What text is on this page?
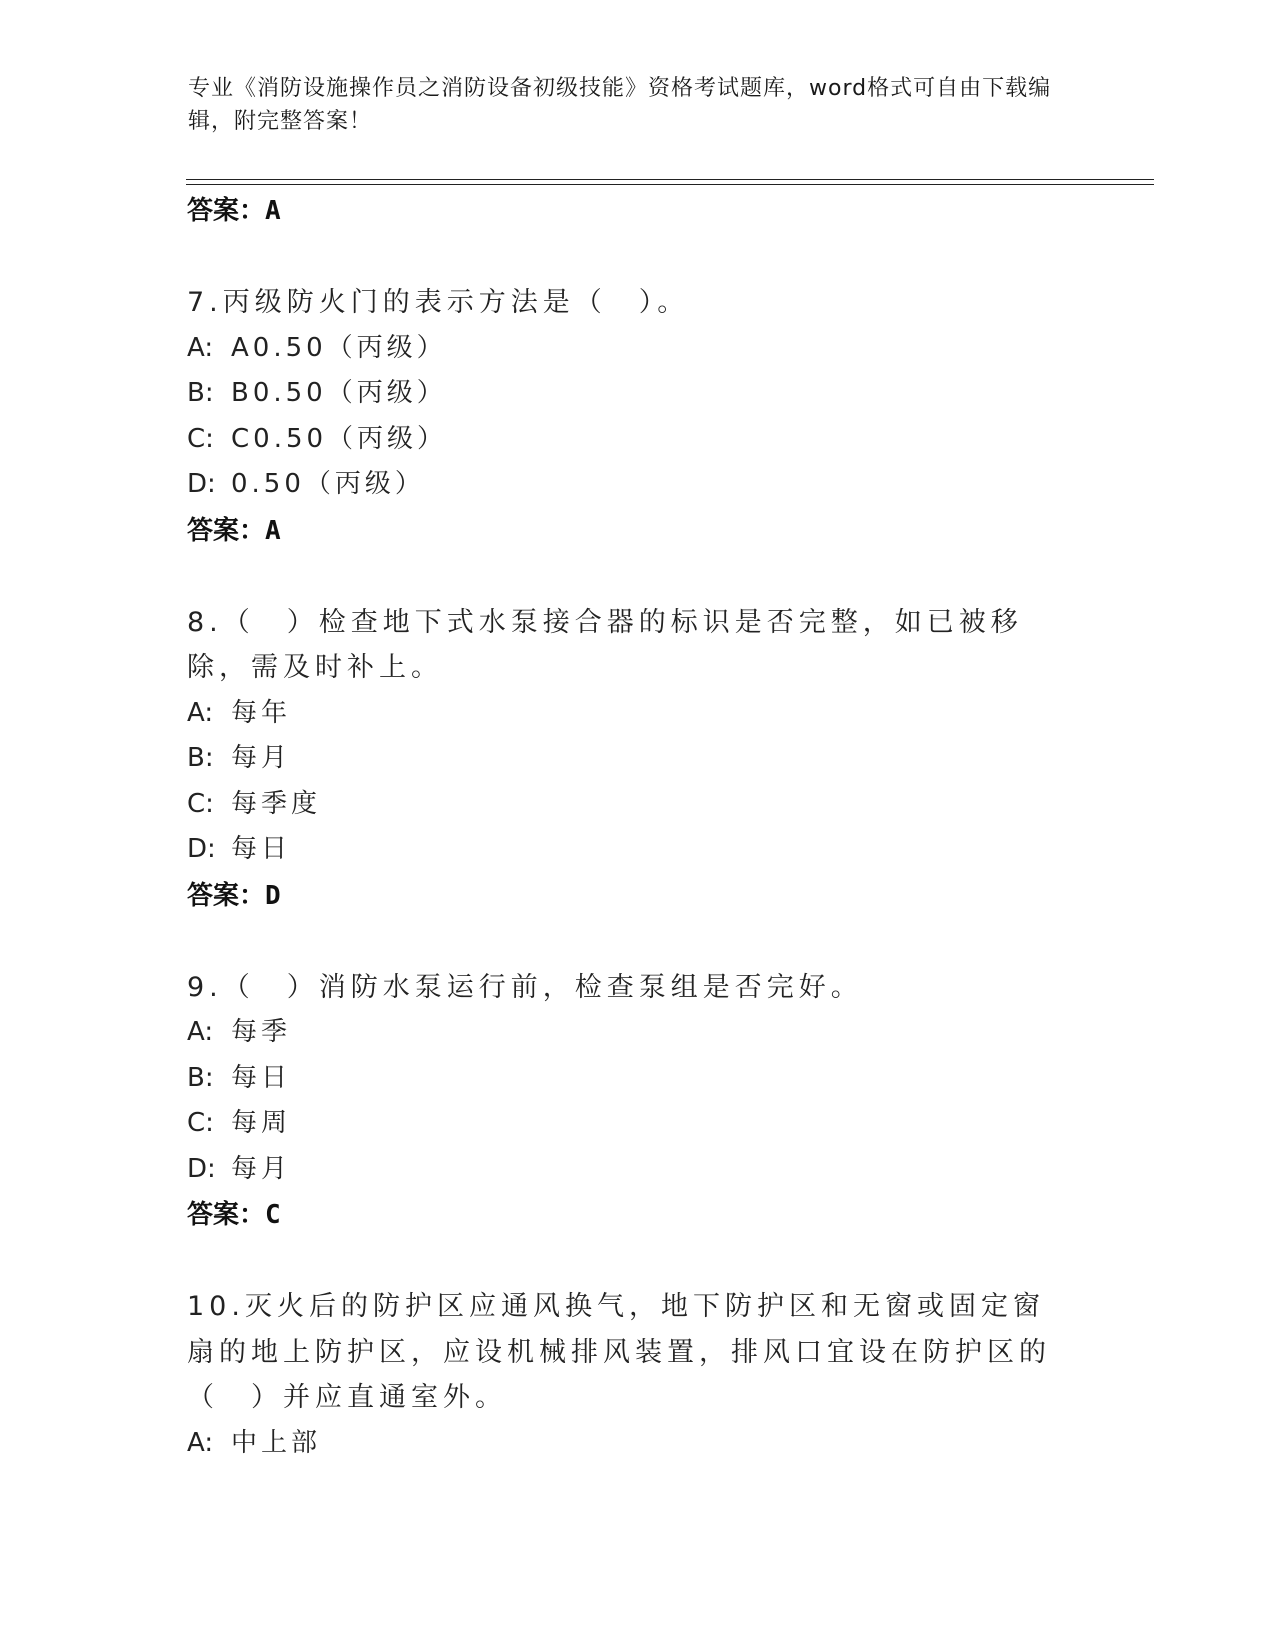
专业《消防设施操作员之消防设备初级技能》资格考试题库，word格式可自由下载编辑，附完整答案！
答案：A
7.丙级防火门的表示方法是（　）。
A: A0.50（丙级）
B: B0.50（丙级）
C: C0.50（丙级）
D: 0.50（丙级）
答案：A
8.（　）检查地下式水泵接合器的标识是否完整，如已被移除，需及时补上。
A: 每年
B: 每月
C: 每季度
D: 每日
答案：D
9.（　）消防水泵运行前，检查泵组是否完好。
A: 每季
B: 每日
C: 每周
D: 每月
答案：C
10.灭火后的防护区应通风换气，地下防护区和无窗或固定窗扇的地上防护区，应设机械排风装置，排风口宜设在防护区的（　）并应直通室外。
A: 中上部
